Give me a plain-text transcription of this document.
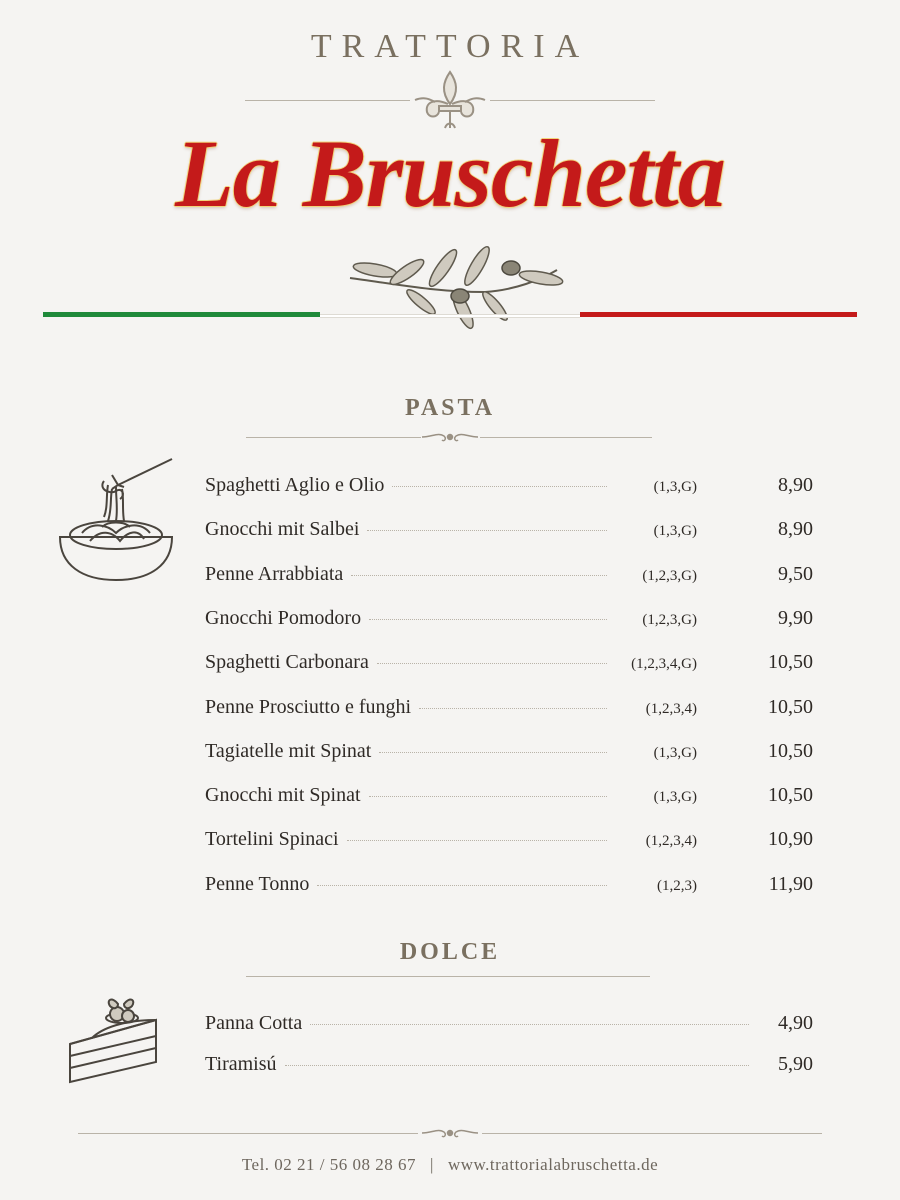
TRATTORIA
La Bruschetta
PASTA
Spaghetti Aglio e Olio	(1,3,G)	8,90
Gnocchi mit Salbei	(1,3,G)	8,90
Penne Arrabbiata	(1,2,3,G)	9,50
Gnocchi Pomodoro	(1,2,3,G)	9,90
Spaghetti Carbonara	(1,2,3,4,G)	10,50
Penne Prosciutto e funghi	(1,2,3,4)	10,50
Tagiatelle mit Spinat	(1,3,G)	10,50
Gnocchi mit Spinat	(1,3,G)	10,50
Tortelini Spinaci	(1,2,3,4)	10,90
Penne Tonno	(1,2,3)	11,90
DOLCE
Panna Cotta	4,90
Tiramisú	5,90
Tel. 02 21 / 56 08 28 67 | www.trattorialabruschetta.de
